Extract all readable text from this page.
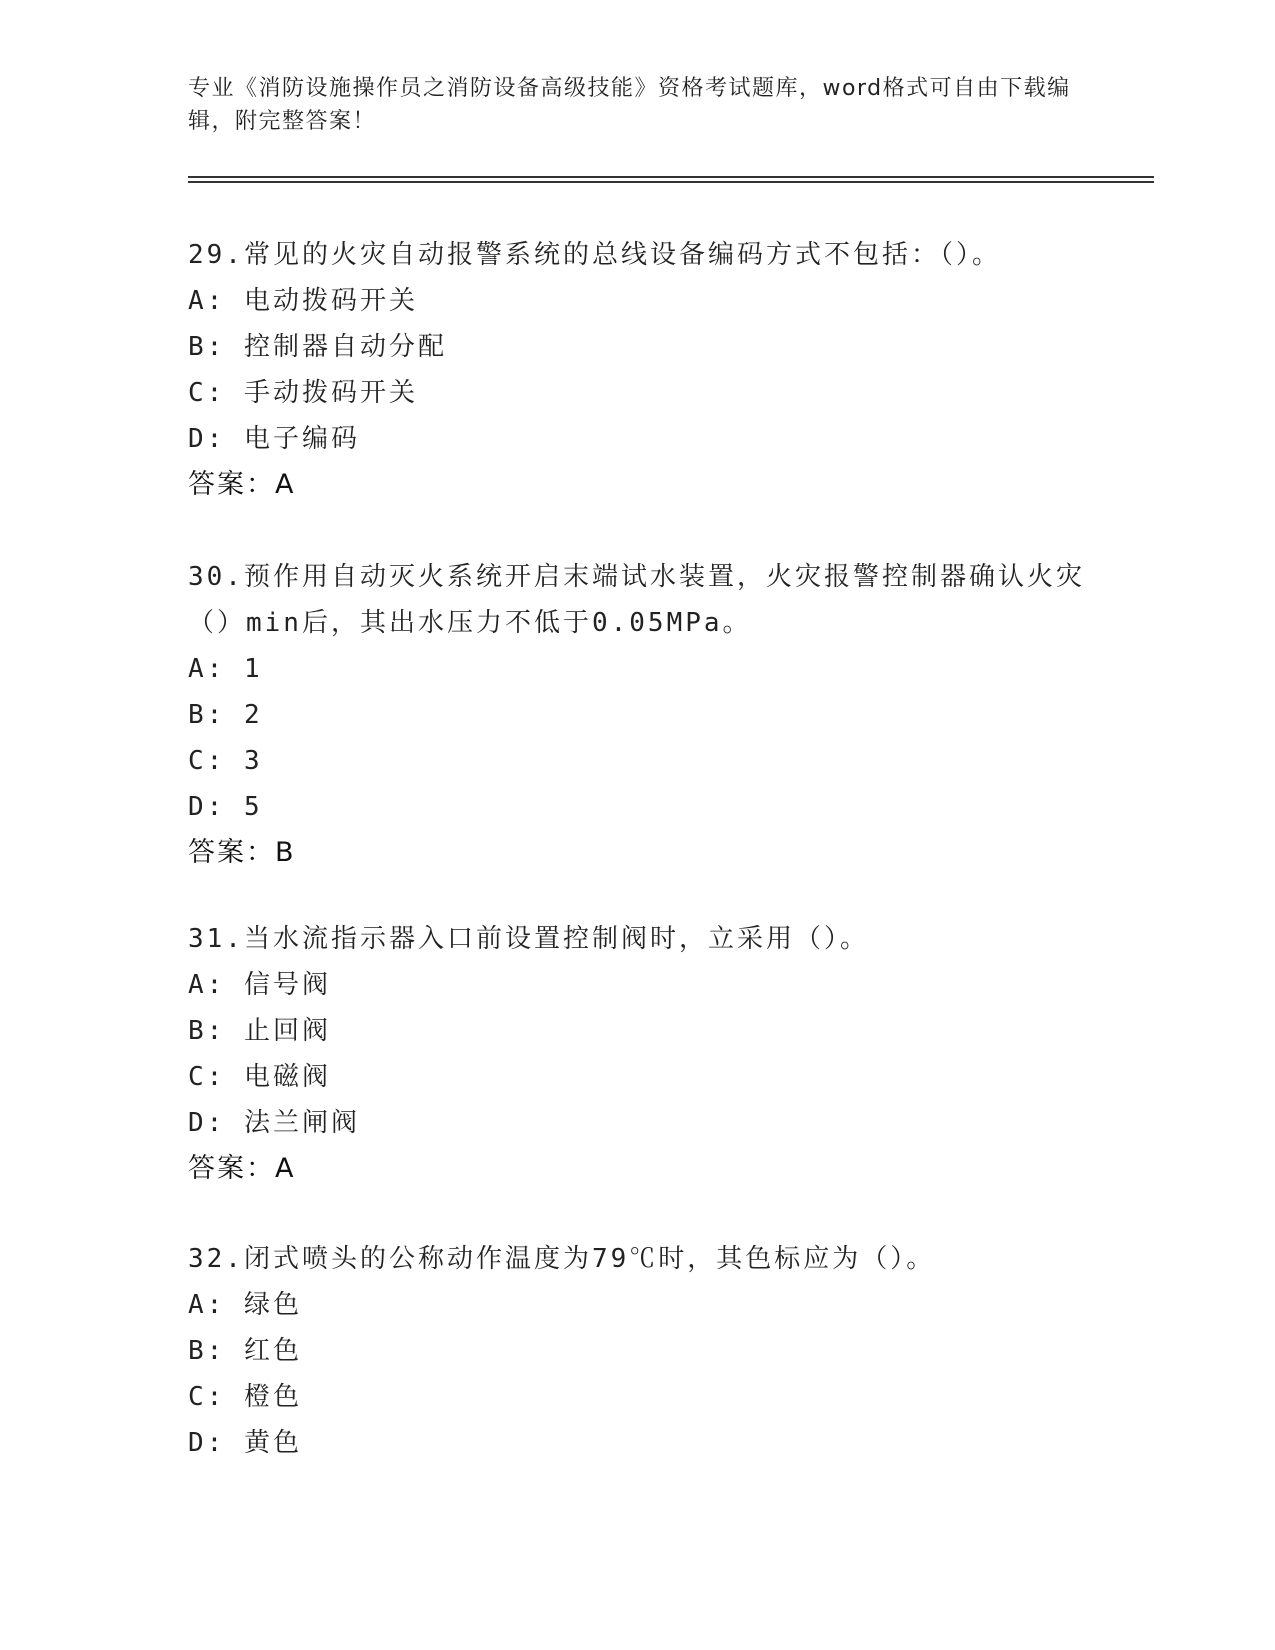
专业《消防设施操作员之消防设备高级技能》资格考试题库，word格式可自由下载编辑，附完整答案！

29.常见的火灾自动报警系统的总线设备编码方式不包括：（）。

A: 电动拨码开关

B: 控制器自动分配

C: 手动拨码开关

D: 电子编码

答案：A

30.预作用自动灭火系统开启末端试水装置，火灾报警控制器确认火灾（）min后，其出水压力不低于0.05MPa。

A: 1

B: 2

C: 3

D: 5

答案：B

31.当水流指示器入口前设置控制阀时，立采用（）。

A: 信号阀

B: 止回阀

C: 电磁阀

D: 法兰闸阀

答案：A

32.闭式喷头的公称动作温度为79℃时，其色标应为（）。

A: 绿色

B: 红色

C: 橙色

D: 黄色
